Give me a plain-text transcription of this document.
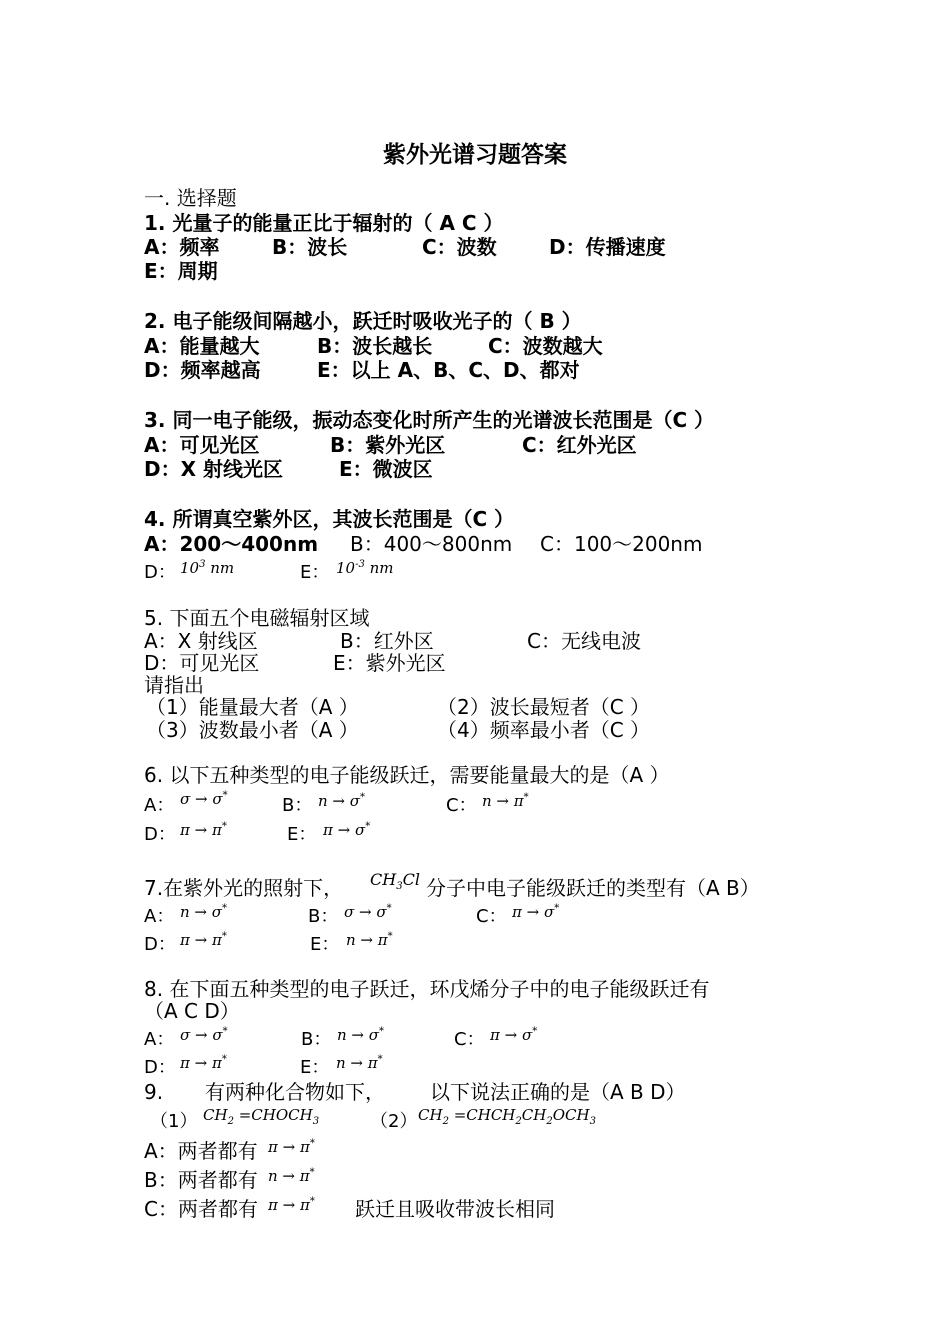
紫外光谱习题答案
一. 选择题
1. 光量子的能量正比于辐射的（ A C ）
A：频率	B：波长	C：波数	D：传播速度
E：周期
2. 电子能级间隔越小，跃迁时吸收光子的（ B ）
A：能量越大	B：波长越长	C：波数越大
D：频率越高	E：以上 A、B、C、D、都对
3. 同一电子能级，振动态变化时所产生的光谱波长范围是（C ）
A：可见光区	B：紫外光区	C：红外光区
D：X 射线光区	E：微波区
4. 所谓真空紫外区，其波长范围是（C ）
A：200～400nm B：400～800nm C：100～200nm
D： $10^3$ nm	E： $10^{-3}$ nm
5. 下面五个电磁辐射区域
A：X 射线区	B：红外区	C：无线电波
D：可见光区	E：紫外光区
请指出
（1）能量最大者（A ）	（2）波长最短者（C ）
（3）波数最小者（A ）	（4）频率最小者（C ）
6. 以下五种类型的电子能级跃迁，需要能量最大的是（A ）
A： σ → σ*	B： n → σ*	C： n → π*
D： π → π*	E： π → σ*
7.在紫外光的照射下， $CH_3Cl$ 分子中电子能级跃迁的类型有（A B）
A： n → σ*	B： σ → σ*	C： π → σ*
D： π → π*	E： n → π*
8. 在下面五种类型的电子跃迁，环戊烯分子中的电子能级跃迁有
（A C D）
A： σ → σ*	B： n → σ*	C： π → σ*
D： π → π*	E： n → π*
9. 有两种化合物如下， 以下说法正确的是（A B D）
（1） $CH_2$ $=CHOCH_3$	（2） $CH_2$ $=CHCH_2CH_2OCH_3$
A：两者都有 π → π*
B：两者都有 n → π*
C：两者都有 π → π* 跃迁且吸收带波长相同
